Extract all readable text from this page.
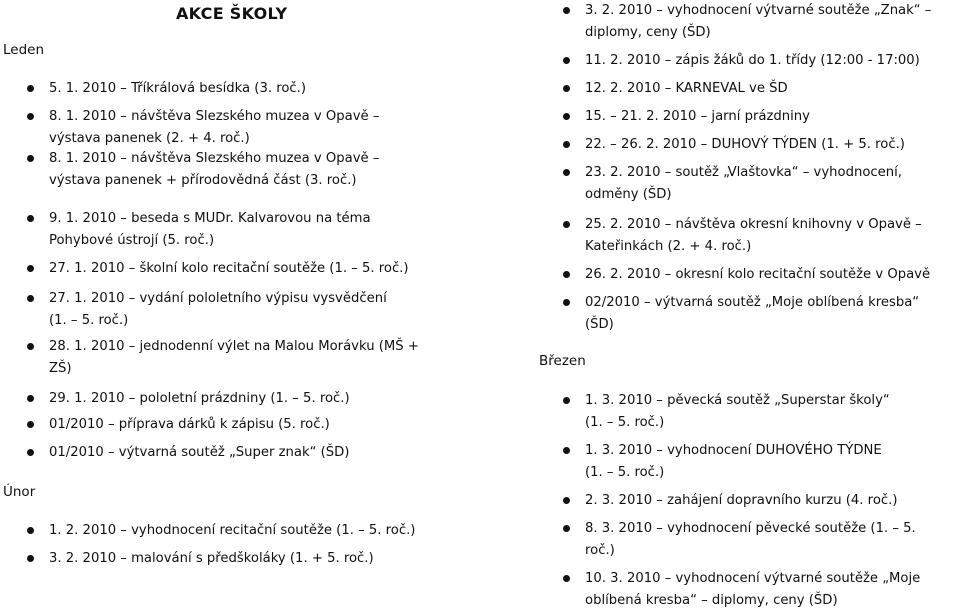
AKCE ŠKOLY
Leden
Únor
Březen
5. 1. 2010 – Tříkrálová besídka (3. roč.)
8. 1. 2010 – návštěva Slezského muzea v Opavě –
výstava panenek (2. + 4. roč.)
8. 1. 2010 – návštěva Slezského muzea v Opavě –
výstava panenek + přírodovědná část (3. roč.)
9. 1. 2010 – beseda s MUDr. Kalvarovou na téma
Pohybové ústrojí (5. roč.)
27. 1. 2010 – školní kolo recitační soutěže (1. – 5. roč.)
27. 1. 2010 – vydání pololetního výpisu vysvědčení
(1. – 5. roč.)
28. 1. 2010 – jednodenní výlet na Malou Morávku (MŠ +
ZŠ)
29. 1. 2010 – pololetní prázdniny (1. – 5. roč.)
01/2010 – příprava dárků k zápisu (5. roč.)
01/2010 – výtvarná soutěž „Super znak“ (ŠD)
1. 2. 2010 – vyhodnocení recitační soutěže (1. – 5. roč.)
3. 2. 2010 – malování s předškoláky (1. + 5. roč.)
3. 2. 2010 – vyhodnocení výtvarné soutěže „Znak“ –
diplomy, ceny (ŠD)
11. 2. 2010 – zápis žáků do 1. třídy (12:00 - 17:00)
12. 2. 2010 – KARNEVAL ve ŠD
15. – 21. 2. 2010 – jarní prázdniny
22. – 26. 2. 2010 – DUHOVÝ TÝDEN (1. + 5. roč.)
23. 2. 2010 – soutěž „Vlaštovka“ – vyhodnocení,
odměny (ŠD)
25. 2. 2010 – návštěva okresní knihovny v Opavě –
Kateřinkách (2. + 4. roč.)
26. 2. 2010 – okresní kolo recitační soutěže v Opavě
02/2010 – výtvarná soutěž „Moje oblíbená kresba“
(ŠD)
1. 3. 2010 – pěvecká soutěž „Superstar školy“
(1. – 5. roč.)
1. 3. 2010 – vyhodnocení DUHOVÉHO TÝDNE
(1. – 5. roč.)
2. 3. 2010 – zahájení dopravního kurzu (4. roč.)
8. 3. 2010 – vyhodnocení pěvecké soutěže (1. – 5.
roč.)
10. 3. 2010 – vyhodnocení výtvarné soutěže „Moje
oblíbená kresba“ – diplomy, ceny (ŠD)
